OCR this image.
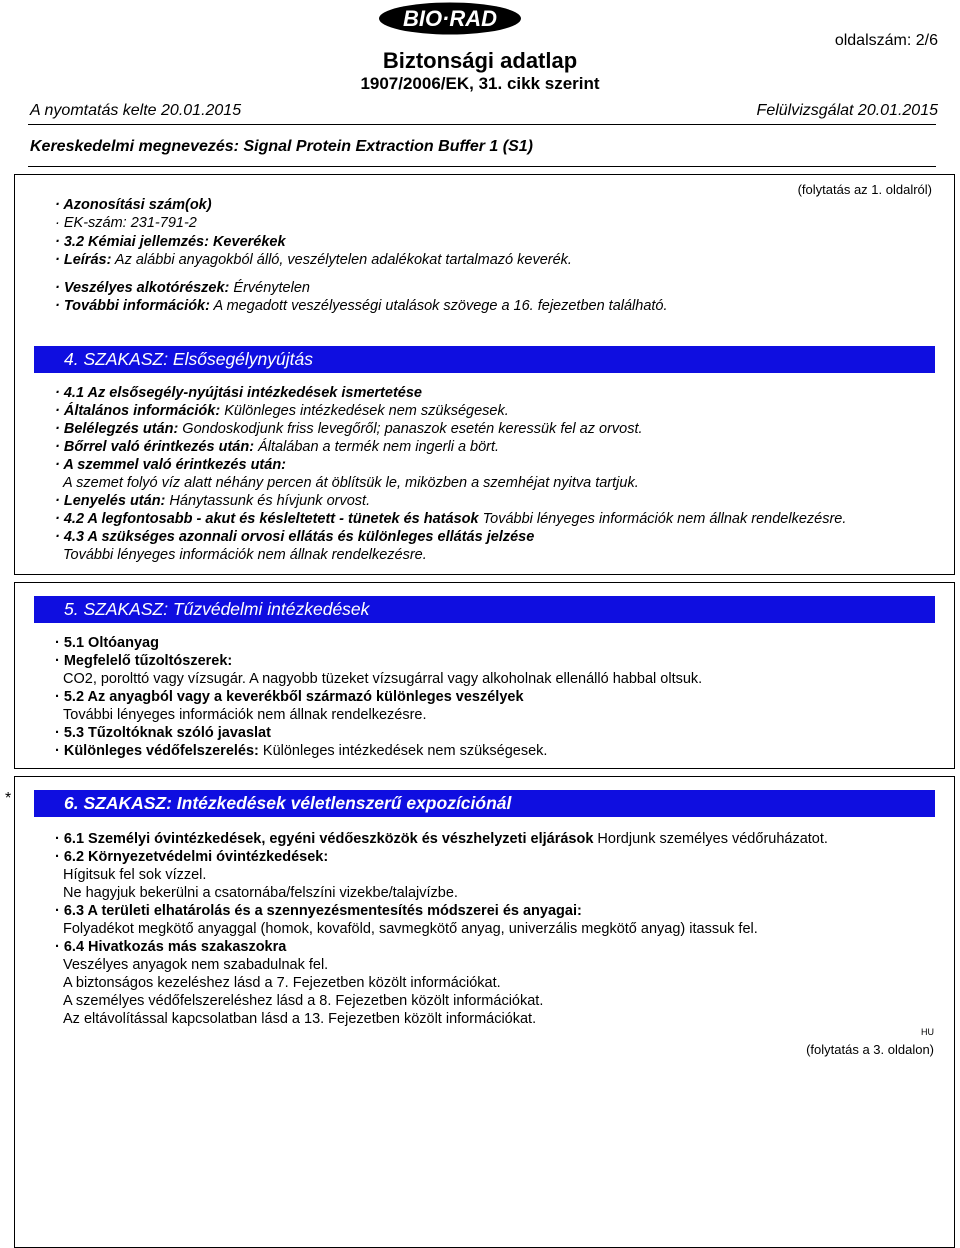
BIO·RAD
oldalszám: 2/6
Biztonsági adatlap
1907/2006/EK, 31. cikk szerint
A nyomtatás kelte 20.01.2015	Felülvizsgálat 20.01.2015
Kereskedelmi megnevezés: Signal Protein Extraction Buffer 1 (S1)
(folytatás az 1. oldalról)
· Azonosítási szám(ok)
· EK-szám: 231-791-2
· 3.2 Kémiai jellemzés: Keverékek
· Leírás: Az alábbi anyagokból álló, veszélytelen adalékokat tartalmazó keverék.
· Veszélyes alkotórészek: Érvénytelen
· További információk: A megadott veszélyességi utalások szövege a 16. fejezetben található.
4. SZAKASZ: Elsősegélynyújtás
· 4.1 Az elsősegély-nyújtási intézkedések ismertetése
· Általános információk: Különleges intézkedések nem szükségesek.
· Belélegzés után: Gondoskodjunk friss levegőről; panaszok esetén keressük fel az orvost.
· Bőrrel való érintkezés után: Általában a termék nem ingerli a bört.
· A szemmel való érintkezés után:
A szemet folyó víz alatt néhány percen át öblítsük le, miközben a szemhéjat nyitva tartjuk.
· Lenyelés után: Hánytassunk és hívjunk orvost.
· 4.2 A legfontosabb - akut és késleltetett - tünetek és hatások További lényeges információk nem állnak rendelkezésre.
· 4.3 A szükséges azonnali orvosi ellátás és különleges ellátás jelzése
További lényeges információk nem állnak rendelkezésre.
5. SZAKASZ: Tűzvédelmi intézkedések
· 5.1 Oltóanyag
· Megfelelő tűzoltószerek:
CO2, porolttó vagy vízsugár. A nagyobb tüzeket vízsugárral vagy alkoholnak ellenálló habbal oltsuk.
· 5.2 Az anyagból vagy a keverékből származó különleges veszélyek
További lényeges információk nem állnak rendelkezésre.
· 5.3 Tűzoltóknak szóló javaslat
· Különleges védőfelszerelés: Különleges intézkedések nem szükségesek.
*	6. SZAKASZ: Intézkedések véletlenszerű expozíciónál
· 6.1 Személyi óvintézkedések, egyéni védőeszközök és vészhelyzeti eljárások Hordjunk személyes védőruházatot.
· 6.2 Környezetvédelmi óvintézkedések:
Hígitsuk fel sok vízzel.
Ne hagyjuk bekerülni a csatornába/felszíni vizekbe/talajvízbe.
· 6.3 A területi elhatárolás és a szennyezésmentesítés módszerei és anyagai:
Folyadékot megkötő anyaggal (homok, kovaföld, savmegkötő anyag, univerzális megkötő anyag) itassuk fel.
· 6.4 Hivatkozás más szakaszokra
Veszélyes anyagok nem szabadulnak fel.
A biztonságos kezeléshez lásd a 7. Fejezetben közölt információkat.
A személyes védőfelszereléshez lásd a 8. Fejezetben közölt információkat.
Az eltávolítással kapcsolatban lásd a 13. Fejezetben közölt információkat.
HU
(folytatás a 3. oldalon)
